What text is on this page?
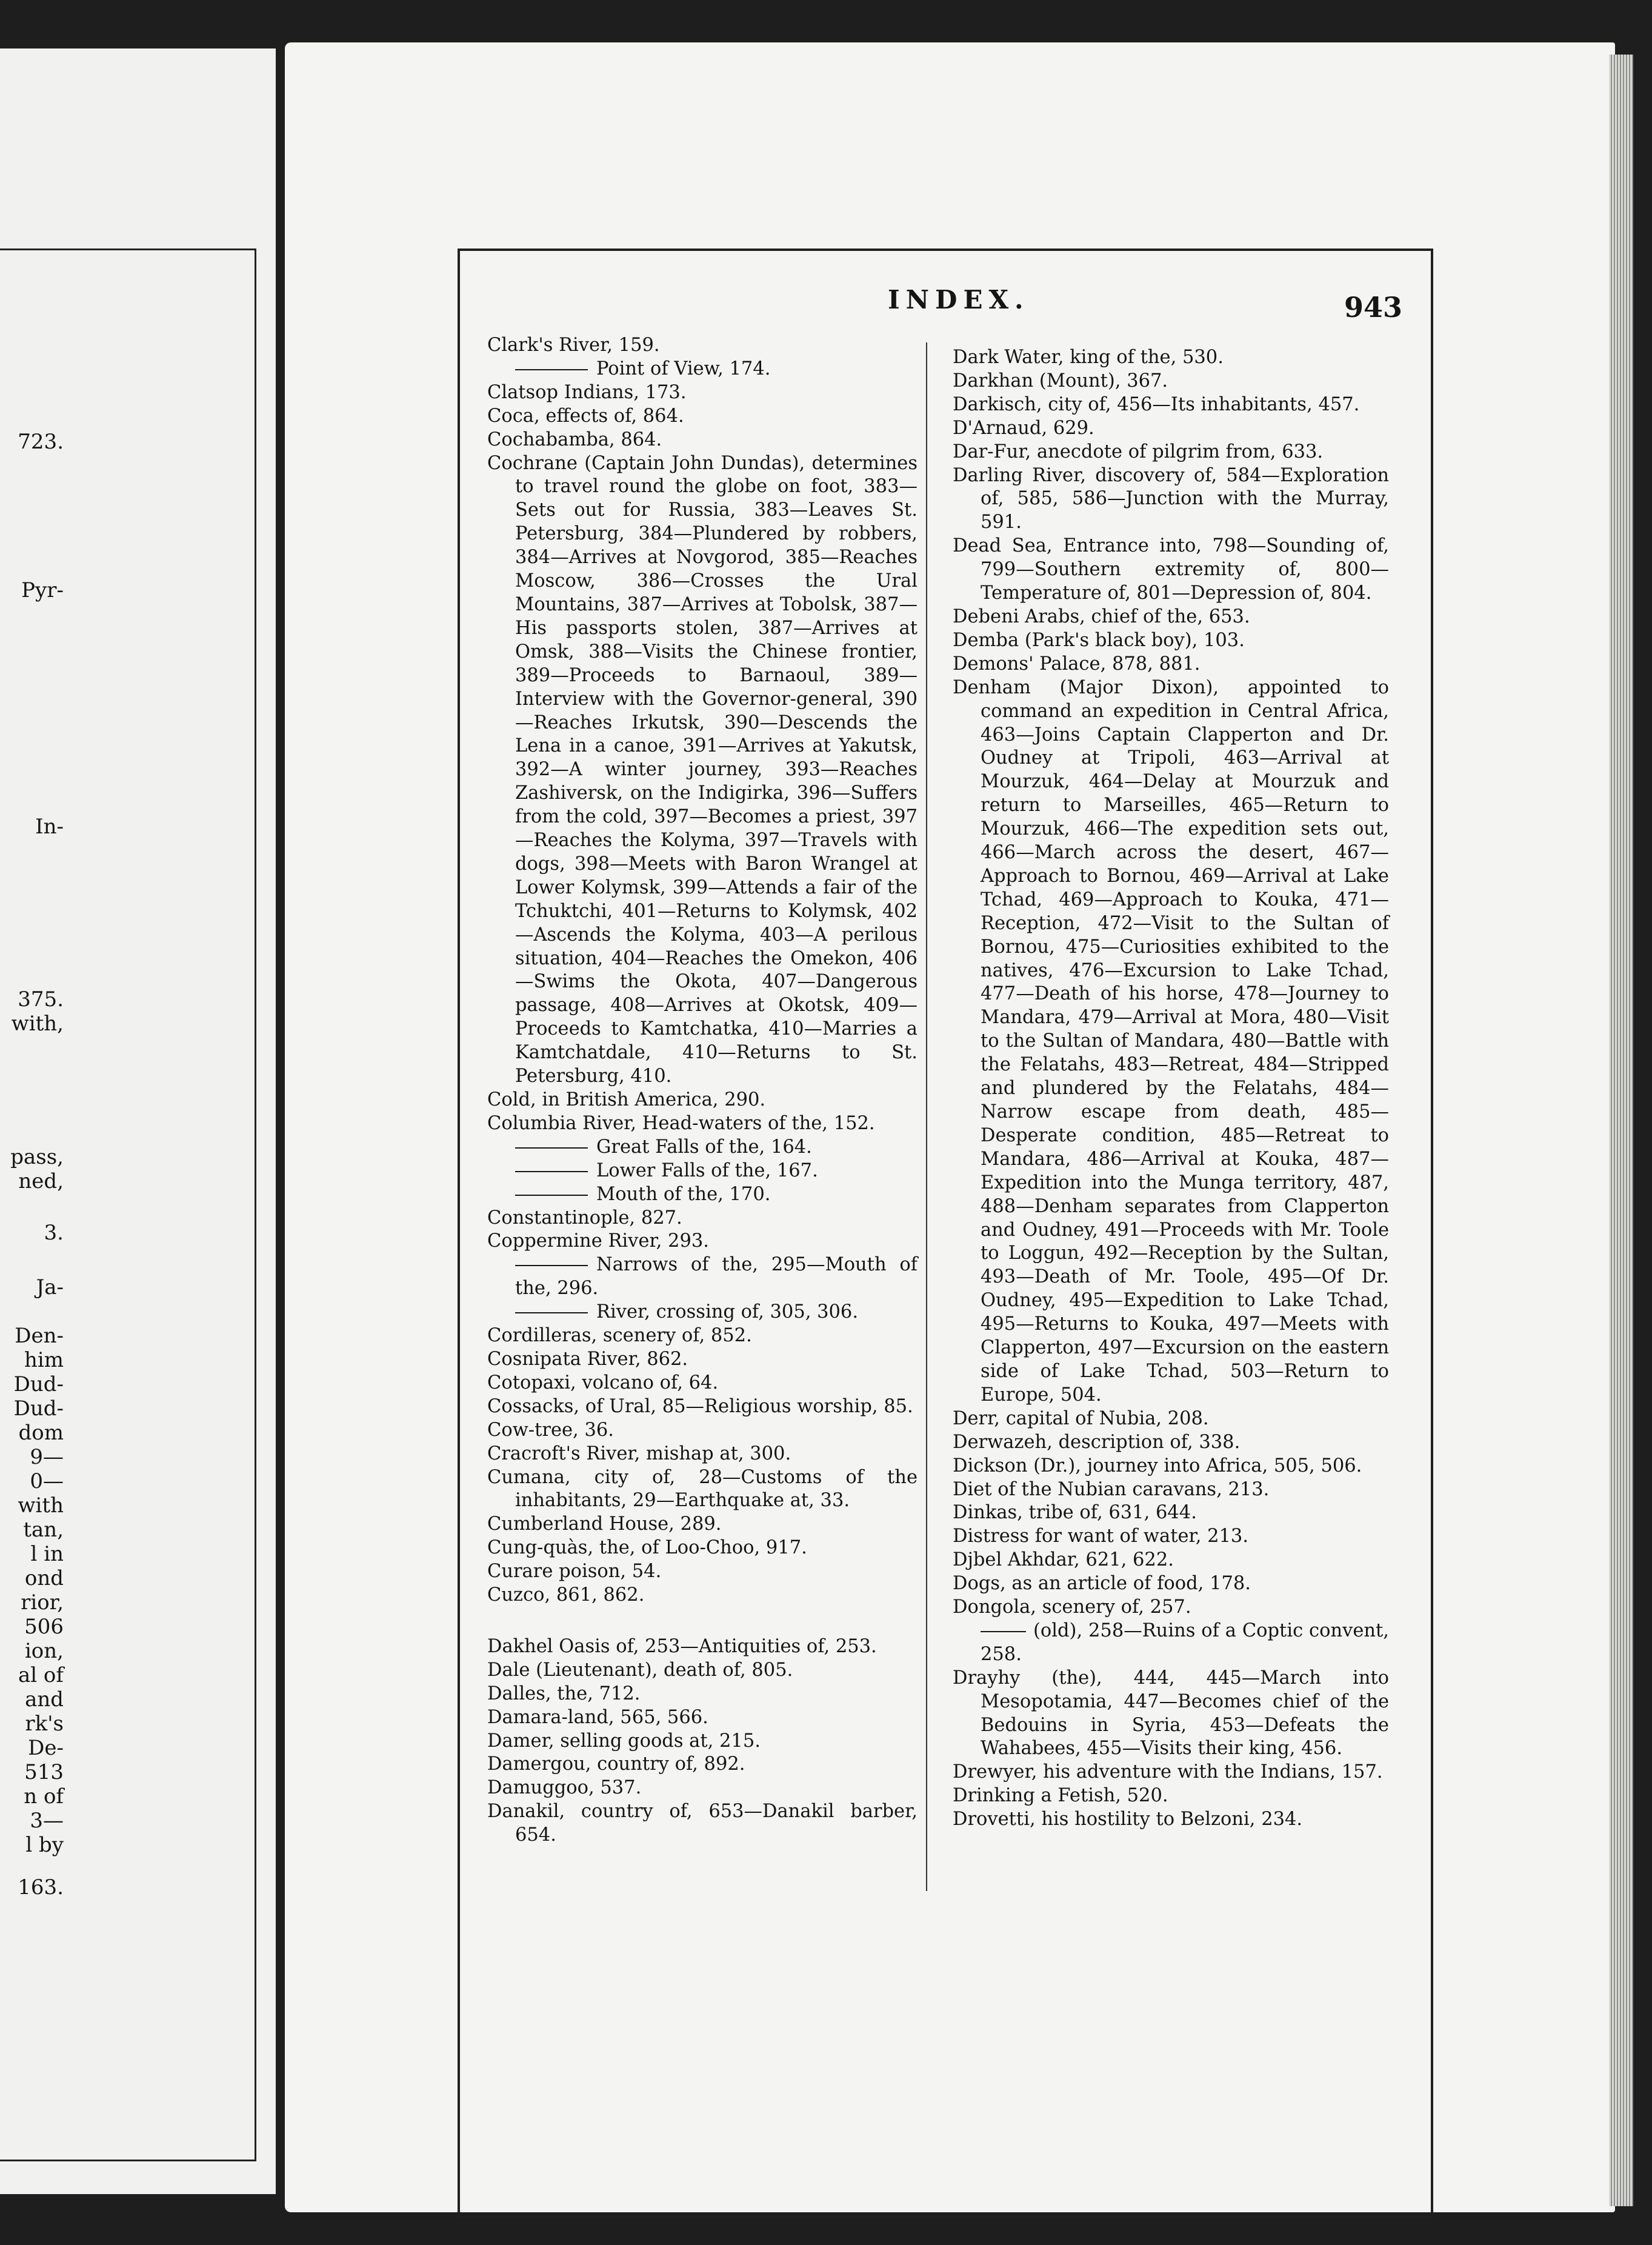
723.
Pyr-
In-
375.
with,
pass,
ned,
3.
Ja-
Den-
him
Dud-
Dud-
dom
9—
0—
with
tan,
l in
ond
rior,
506
ion,
al of
and
rk's
De-
513
n of
3—
l by
163.
INDEX.	943
Clark's River, 159.
Point of View, 174.
Clatsop Indians, 173.
Coca, effects of, 864.
Cochabamba, 864.
Cochrane (Captain John Dundas), determines to travel round the globe on foot, 383—Sets out for Russia, 383—Leaves St. Petersburg, 384—Plundered by robbers, 384—Arrives at Novgorod, 385—Reaches Moscow, 386—Crosses the Ural Mountains, 387—Arrives at Tobolsk, 387—His passports stolen, 387—Arrives at Omsk, 388—Visits the Chinese frontier, 389—Proceeds to Barnaoul, 389—Interview with the Governor-general, 390—Reaches Irkutsk, 390—Descends the Lena in a canoe, 391—Arrives at Yakutsk, 392—A winter journey, 393—Reaches Zashiversk, on the Indigirka, 396—Suffers from the cold, 397—Becomes a priest, 397—Reaches the Kolyma, 397—Travels with dogs, 398—Meets with Baron Wrangel at Lower Kolymsk, 399—Attends a fair of the Tchuktchi, 401—Returns to Kolymsk, 402—Ascends the Kolyma, 403—A perilous situation, 404—Reaches the Omekon, 406—Swims the Okota, 407—Dangerous passage, 408—Arrives at Okotsk, 409—Proceeds to Kamtchatka, 410—Marries a Kamtchatdale, 410—Returns to St. Petersburg, 410.
Cold, in British America, 290.
Columbia River, Head-waters of the, 152.
Great Falls of the, 164.
Lower Falls of the, 167.
Mouth of the, 170.
Constantinople, 827.
Coppermine River, 293.
Narrows of the, 295—Mouth of the, 296.
River, crossing of, 305, 306.
Cordilleras, scenery of, 852.
Cosnipata River, 862.
Cotopaxi, volcano of, 64.
Cossacks, of Ural, 85—Religious worship, 85.
Cow-tree, 36.
Cracroft's River, mishap at, 300.
Cumana, city of, 28—Customs of the inhabitants, 29—Earthquake at, 33.
Cumberland House, 289.
Cung-quàs, the, of Loo-Choo, 917.
Curare poison, 54.
Cuzco, 861, 862.
Dakhel Oasis of, 253—Antiquities of, 253.
Dale (Lieutenant), death of, 805.
Dalles, the, 712.
Damara-land, 565, 566.
Damer, selling goods at, 215.
Damergou, country of, 892.
Damuggoo, 537.
Danakil, country of, 653—Danakil barber, 654.
Dark Water, king of the, 530.
Darkhan (Mount), 367.
Darkisch, city of, 456—Its inhabitants, 457.
D'Arnaud, 629.
Dar-Fur, anecdote of pilgrim from, 633.
Darling River, discovery of, 584—Exploration of, 585, 586—Junction with the Murray, 591.
Dead Sea, Entrance into, 798—Sounding of, 799—Southern extremity of, 800—Temperature of, 801—Depression of, 804.
Debeni Arabs, chief of the, 653.
Demba (Park's black boy), 103.
Demons' Palace, 878, 881.
Denham (Major Dixon), appointed to command an expedition in Central Africa, 463—Joins Captain Clapperton and Dr. Oudney at Tripoli, 463—Arrival at Mourzuk, 464—Delay at Mourzuk and return to Marseilles, 465—Return to Mourzuk, 466—The expedition sets out, 466—March across the desert, 467—Approach to Bornou, 469—Arrival at Lake Tchad, 469—Approach to Kouka, 471—Reception, 472—Visit to the Sultan of Bornou, 475—Curiosities exhibited to the natives, 476—Excursion to Lake Tchad, 477—Death of his horse, 478—Journey to Mandara, 479—Arrival at Mora, 480—Visit to the Sultan of Mandara, 480—Battle with the Felatahs, 483—Retreat, 484—Stripped and plundered by the Felatahs, 484—Narrow escape from death, 485—Desperate condition, 485—Retreat to Mandara, 486—Arrival at Kouka, 487—Expedition into the Munga territory, 487, 488—Denham separates from Clapperton and Oudney, 491—Proceeds with Mr. Toole to Loggun, 492—Reception by the Sultan, 493—Death of Mr. Toole, 495—Of Dr. Oudney, 495—Expedition to Lake Tchad, 495—Returns to Kouka, 497—Meets with Clapperton, 497—Excursion on the eastern side of Lake Tchad, 503—Return to Europe, 504.
Derr, capital of Nubia, 208.
Derwazeh, description of, 338.
Dickson (Dr.), journey into Africa, 505, 506.
Diet of the Nubian caravans, 213.
Dinkas, tribe of, 631, 644.
Distress for want of water, 213.
Djbel Akhdar, 621, 622.
Dogs, as an article of food, 178.
Dongola, scenery of, 257.
(old), 258—Ruins of a Coptic convent, 258.
Drayhy (the), 444, 445—March into Mesopotamia, 447—Becomes chief of the Bedouins in Syria, 453—Defeats the Wahabees, 455—Visits their king, 456.
Drewyer, his adventure with the Indians, 157.
Drinking a Fetish, 520.
Drovetti, his hostility to Belzoni, 234.
